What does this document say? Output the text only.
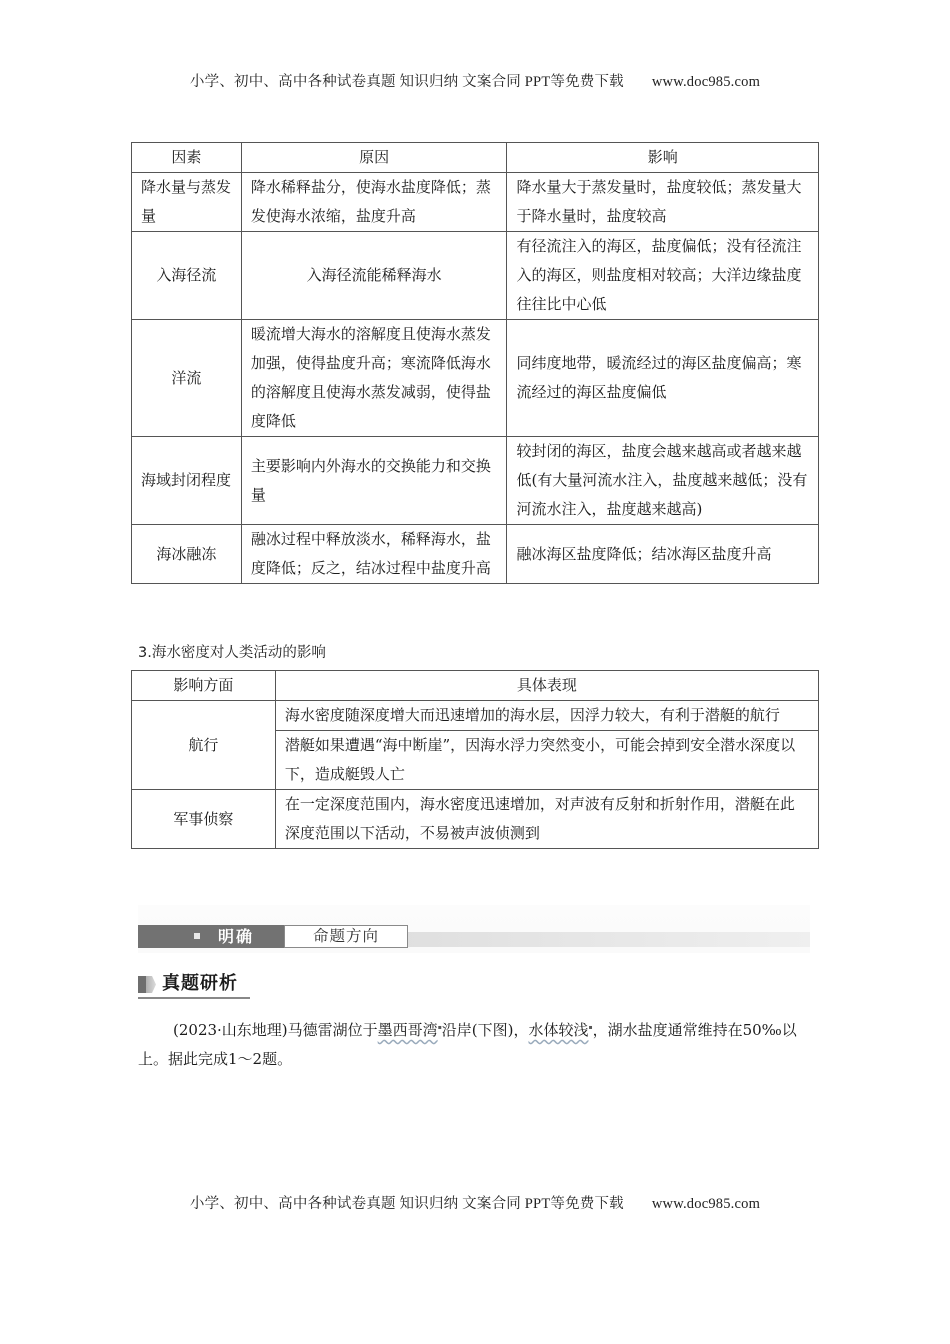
小学、初中、高中各种试卷真题 知识归纳 文案合同 PPT等免费下载 www.doc985.com
因素	原因	影响
降水量与蒸发量	降水稀释盐分，使海水盐度降低；蒸发使海水浓缩，盐度升高	降水量大于蒸发量时，盐度较低；蒸发量大于降水量时，盐度较高
入海径流	入海径流能稀释海水	有径流注入的海区，盐度偏低；没有径流注入的海区，则盐度相对较高；大洋边缘盐度往往比中心低
洋流	暖流增大海水的溶解度且使海水蒸发加强，使得盐度升高；寒流降低海水的溶解度且使海水蒸发减弱，使得盐度降低	同纬度地带，暖流经过的海区盐度偏高；寒流经过的海区盐度偏低
海域封闭程度	主要影响内外海水的交换能力和交换量	较封闭的海区，盐度会越来越高或者越来越低(有大量河流水注入，盐度越来越低；没有河流水注入，盐度越来越高)
海冰融冻	融冰过程中释放淡水，稀释海水，盐度降低；反之，结冰过程中盐度升高	融冰海区盐度降低；结冰海区盐度升高
3.海水密度对人类活动的影响
影响方面	具体表现
航行	海水密度随深度增大而迅速增加的海水层，因浮力较大，有利于潜艇的航行
	潜艇如果遭遇“海中断崖”，因海水浮力突然变小，可能会掉到安全潜水深度以下，造成艇毁人亡
军事侦察	在一定深度范围内，海水密度迅速增加，对声波有反射和折射作用，潜艇在此深度范围以下活动，不易被声波侦测到
明确	命题方向
真题研析
(2023·山东地理)马德雷湖位于墨西哥湾▪沿岸(下图)，水体较浅▪，湖水盐度通常维持在50‰以上。据此完成1～2题。
小学、初中、高中各种试卷真题 知识归纳 文案合同 PPT等免费下载 www.doc985.com
